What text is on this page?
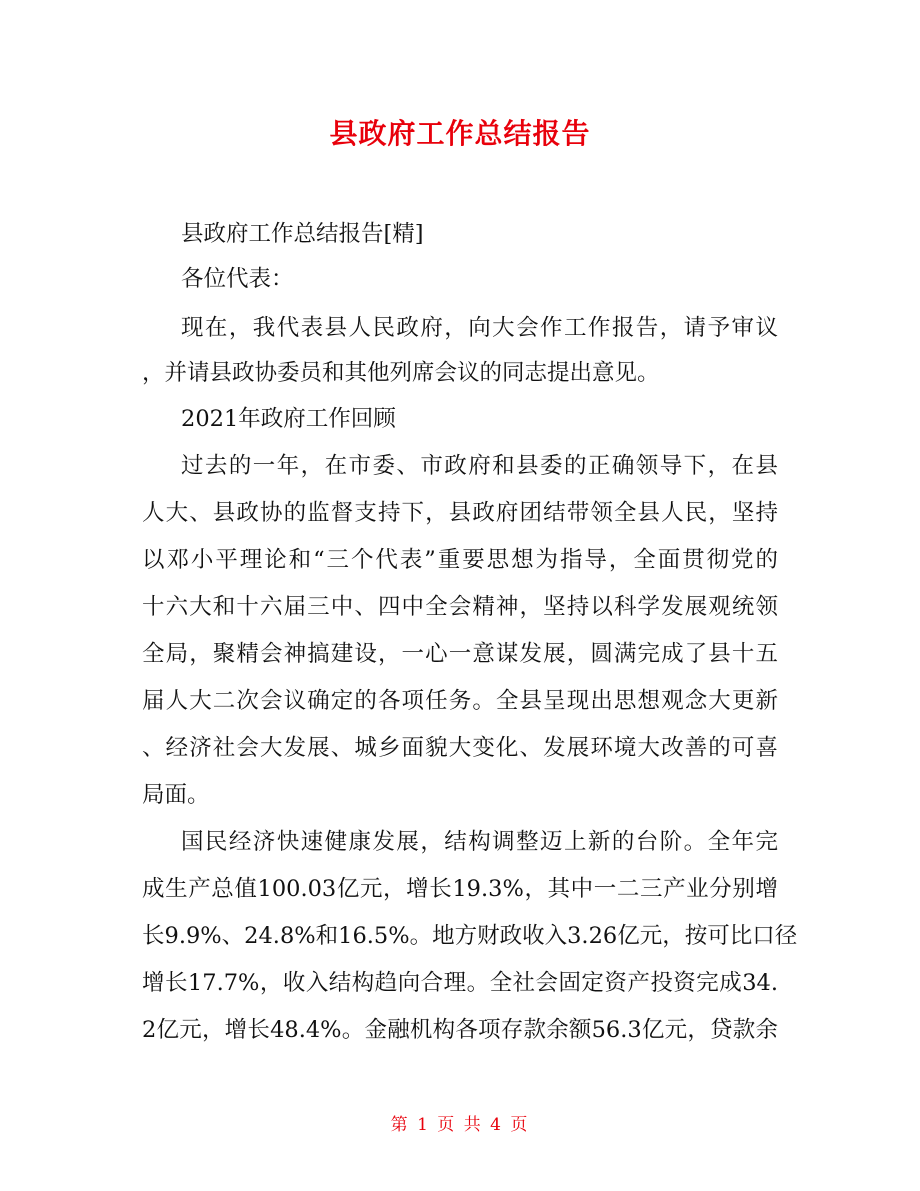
县政府工作总结报告
县政府工作总结报告[精]
各位代表：
现在，我代表县人民政府，向大会作工作报告，请予审议
，并请县政协委员和其他列席会议的同志提出意见。
2021年政府工作回顾
过去的一年，在市委、市政府和县委的正确领导下，在县
人大、县政协的监督支持下，县政府团结带领全县人民，坚持
以邓小平理论和“三个代表”重要思想为指导，全面贯彻党的
十六大和十六届三中、四中全会精神，坚持以科学发展观统领
全局，聚精会神搞建设，一心一意谋发展，圆满完成了县十五
届人大二次会议确定的各项任务。全县呈现出思想观念大更新
、经济社会大发展、城乡面貌大变化、发展环境大改善的可喜
局面。
国民经济快速健康发展，结构调整迈上新的台阶。全年完
成生产总值100.03亿元，增长19.3%，其中一二三产业分别增
长9.9%、24.8%和16.5%。地方财政收入3.26亿元，按可比口径
增长17.7%，收入结构趋向合理。全社会固定资产投资完成34.
2亿元，增长48.4%。金融机构各项存款余额56.3亿元，贷款余
第 1 页 共 4 页
